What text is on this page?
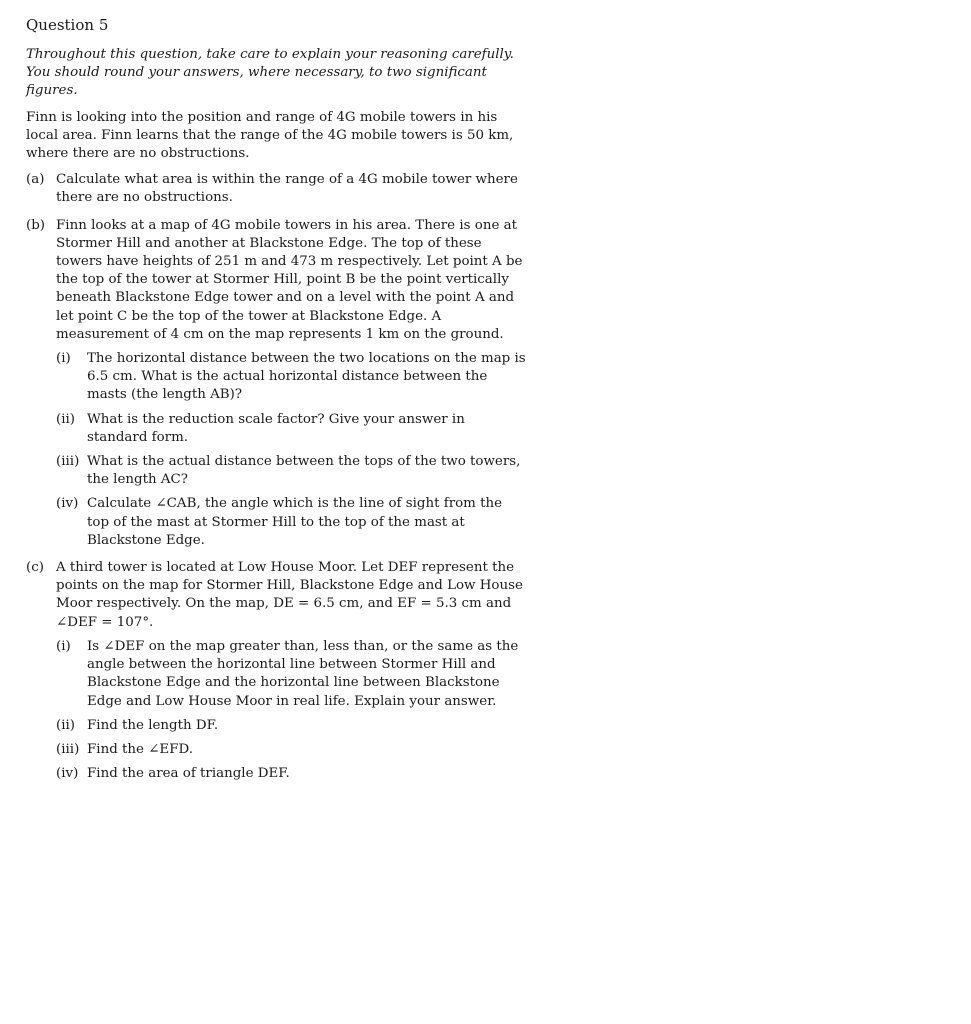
Question 5

Throughout this question, take care to explain your reasoning carefully. You should round your answers, where necessary, to two significant figures.

Finn is looking into the position and range of 4G mobile towers in his local area. Finn learns that the range of the 4G mobile towers is 50 km, where there are no obstructions.

(a) Calculate what area is within the range of a 4G mobile tower where there are no obstructions.
(b) Finn looks at a map of 4G mobile towers in his area. There is one at Stormer Hill and another at Blackstone Edge. The top of these towers have heights of 251 m and 473 m respectively. Let point A be the top of the tower at Stormer Hill, point B be the point vertically beneath Blackstone Edge tower and on a level with the point A and let point C be the top of the tower at Blackstone Edge. A measurement of 4 cm on the map represents 1 km on the ground.
(i) The horizontal distance between the two locations on the map is 6.5 cm. What is the actual horizontal distance between the masts (the length AB)?
(ii) What is the reduction scale factor? Give your answer in standard form.
(iii) What is the actual distance between the tops of the two towers, the length AC?
(iv) Calculate ∠CAB, the angle which is the line of sight from the top of the mast at Stormer Hill to the top of the mast at Blackstone Edge.
(c) A third tower is located at Low House Moor. Let DEF represent the points on the map for Stormer Hill, Blackstone Edge and Low House Moor respectively. On the map, DE = 6.5 cm, and EF = 5.3 cm and ∠DEF = 107°.
(i) Is ∠DEF on the map greater than, less than, or the same as the angle between the horizontal line between Stormer Hill and Blackstone Edge and the horizontal line between Blackstone Edge and Low House Moor in real life. Explain your answer.
(ii) Find the length DF.
(iii) Find the ∠EFD.
(iv) Find the area of triangle DEF.
